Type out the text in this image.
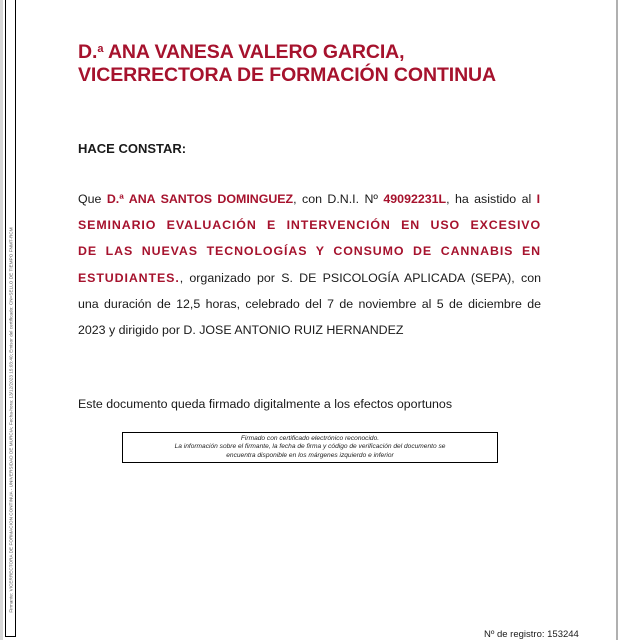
Firmante: VICERRECTORA DE FORMACION CONTINUA - UNIVERSIDAD DE MURCIA; Fecha-hora: 13/12/2023 15:03:40; Emisor del certificado: CN=SELLO DE TIEMPO FNMT-RCM
D.$^a$ ANA VANESA VALERO GARCIA,
VICERRECTORA DE FORMACIÓN CONTINUA
HACE CONSTAR:
Que D.ª ANA SANTOS DOMINGUEZ, con D.N.I. Nº 49092231L, ha asistido al I SEMINARIO EVALUACIÓN E INTERVENCIÓN EN USO EXCESIVO DE LAS NUEVAS TECNOLOGÍAS Y CONSUMO DE CANNABIS EN ESTUDIANTES., organizado por S. DE PSICOLOGÍA APLICADA (SEPA), con una duración de 12,5 horas, celebrado del 7 de noviembre al 5 de diciembre de 2023 y dirigido por D. JOSE ANTONIO RUIZ HERNANDEZ
Este documento queda firmado digitalmente a los efectos oportunos
Firmado con certificado electrónico reconocido.
La información sobre el firmante, la fecha de firma y código de verificación del documento se
encuentra disponible en los márgenes izquierdo e inferior
Nº de registro: 153244
